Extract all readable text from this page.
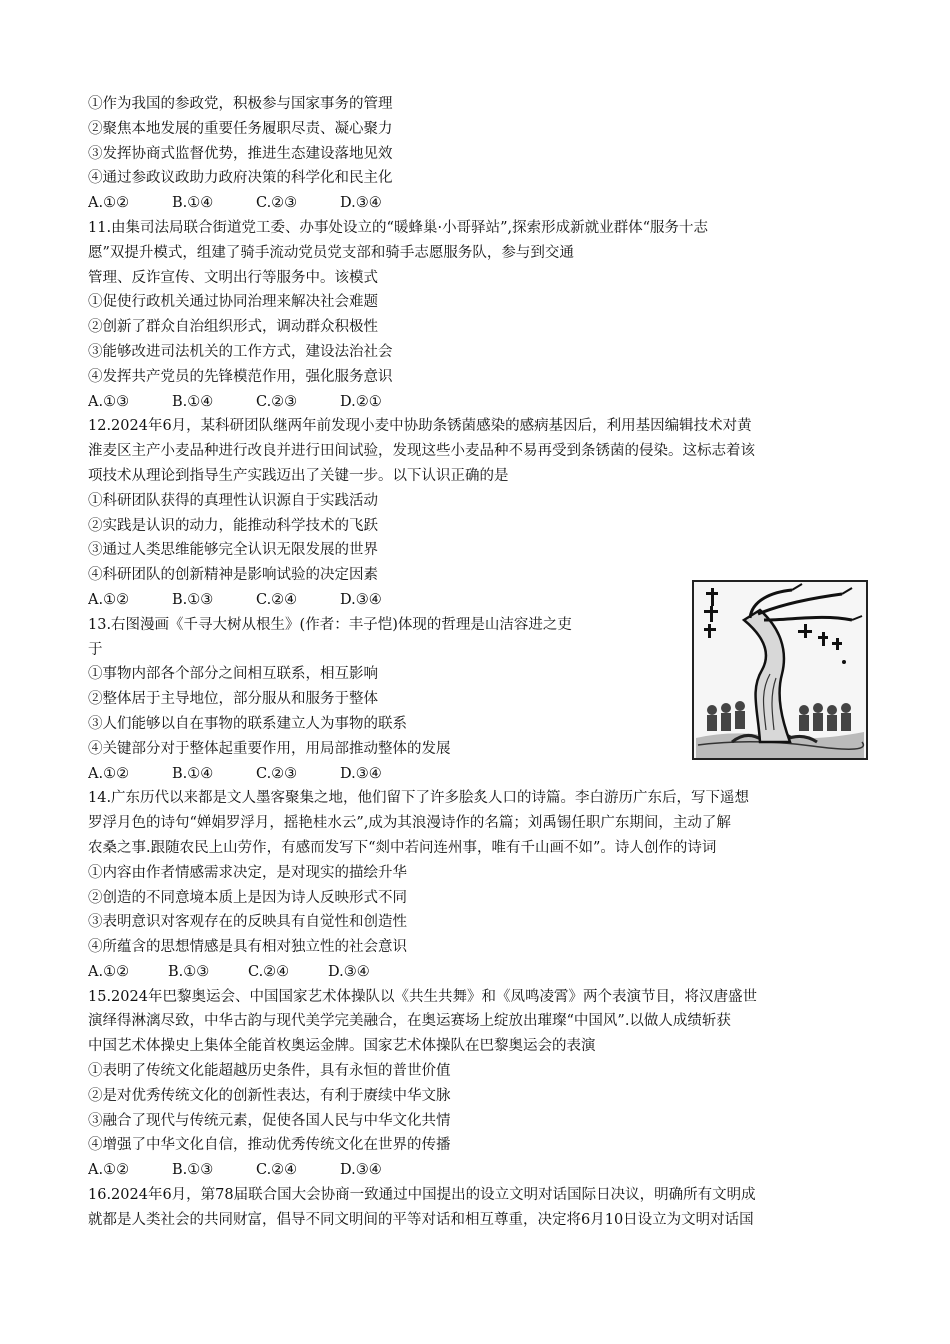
①作为我国的参政党，积极参与国家事务的管理
②聚焦本地发展的重要任务履职尽责、凝心聚力
③发挥协商式监督优势，推进生态建设落地见效
④通过参政议政助力政府决策的科学化和民主化
A.①②	B.①④	C.②③	D.③④
11.由集司法局联合街道党工委、办事处设立的“暖蜂巢·小哥驿站”,探索形成新就业群体“服务十志
愿”双提升模式，组建了骑手流动党员党支部和骑手志愿服务队，参与到交通
管理、反诈宣传、文明出行等服务中。该模式
①促使行政机关通过协同治理来解决社会难题
②创新了群众自治组织形式，调动群众积极性
③能够改进司法机关的工作方式，建设法治社会
④发挥共产党员的先锋模范作用，强化服务意识
A.①③	B.①④	C.②③	D.②①
12.2024年6月，某科研团队继两年前发现小麦中协助条锈菌感染的感病基因后，利用基因编辑技术对黄
淮麦区主产小麦品种进行改良并进行田间试验，发现这些小麦品种不易再受到条锈菌的侵染。这标志着该
项技术从理论到指导生产实践迈出了关键一步。以下认识正确的是
①科研团队获得的真理性认识源自于实践活动
②实践是认识的动力，能推动科学技术的飞跃
③通过人类思维能够完全认识无限发展的世界
④科研团队的创新精神是影响试验的决定因素
A.①②	B.①③	C.②④	D.③④
13.右图漫画《千寻大树从根生》(作者：丰子恺)体现的哲理是山洁容进之吏
于
①事物内部各个部分之间相互联系，相互影响
②整体居于主导地位，部分服从和服务于整体
③人们能够以自在事物的联系建立人为事物的联系
④关键部分对于整体起重要作用，用局部推动整体的发展
A.①②	B.①④	C.②③	D.③④
14.广东历代以来都是文人墨客聚集之地，他们留下了许多脍炙人口的诗篇。李白游历广东后，写下遥想
罗浮月色的诗句“婵娟罗浮月，摇艳桂水云”,成为其浪漫诗作的名篇；刘禹锡任职广东期间，主动了解
农桑之事.跟随农民上山劳作，有感而发写下“剡中若问连州事，唯有千山画不如”。诗人创作的诗词
①内容由作者情感需求决定，是对现实的描绘升华
②创造的不同意境本质上是因为诗人反映形式不同
③表明意识对客观存在的反映具有自觉性和创造性
④所蕴含的思想情感是具有相对独立性的社会意识
A.①②	B.①③	C.②④	D.③④
15.2024年巴黎奥运会、中国国家艺术体操队以《共生共舞》和《凤鸣凌霄》两个表演节目，将汉唐盛世
演绎得淋漓尽致，中华古韵与现代美学完美融合，在奥运赛场上绽放出璀璨“中国风”.以做人成绩斩获
中国艺术体操史上集体全能首枚奥运金牌。国家艺术体操队在巴黎奥运会的表演
①表明了传统文化能超越历史条件，具有永恒的普世价值
②是对优秀传统文化的创新性表达，有利于赓续中华文脉
③融合了现代与传统元素，促使各国人民与中华文化共情
④增强了中华文化自信，推动优秀传统文化在世界的传播
A.①②	B.①③	C.②④	D.③④
16.2024年6月，第78届联合国大会协商一致通过中国提出的设立文明对话国际日决议，明确所有文明成
就都是人类社会的共同财富，倡导不同文明间的平等对话和相互尊重，决定将6月10日设立为文明对话国
